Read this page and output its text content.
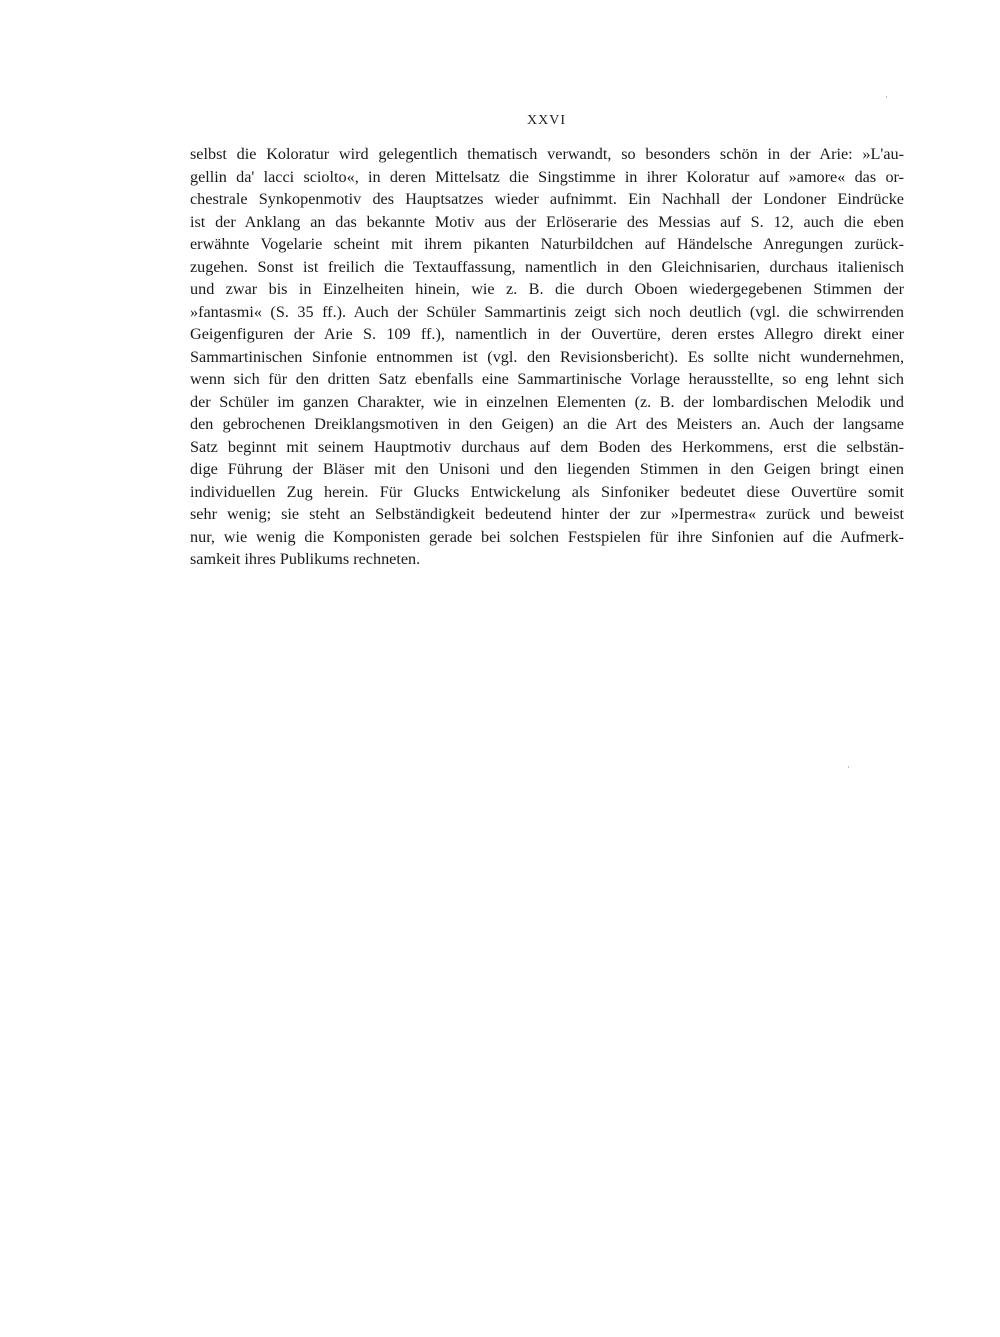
XXVI

selbst die Koloratur wird gelegentlich thematisch verwandt, so besonders schön in der Arie: »L'au-
gellin da' lacci sciolto«, in deren Mittelsatz die Singstimme in ihrer Koloratur auf »amore« das or-
chestrale Synkopenmotiv des Hauptsatzes wieder aufnimmt. Ein Nachhall der Londoner Eindrücke
ist der Anklang an das bekannte Motiv aus der Erlöserarie des Messias auf S. 12, auch die eben
erwähnte Vogelarie scheint mit ihrem pikanten Naturbildchen auf Händelsche Anregungen zurück-
zugehen. Sonst ist freilich die Textauffassung, namentlich in den Gleichnisarien, durchaus italienisch
und zwar bis in Einzelheiten hinein, wie z. B. die durch Oboen wiedergegebenen Stimmen der
»fantasmi« (S. 35 ff.). Auch der Schüler Sammartinis zeigt sich noch deutlich (vgl. die schwirrenden
Geigenfiguren der Arie S. 109 ff.), namentlich in der Ouvertüre, deren erstes Allegro direkt einer
Sammartinischen Sinfonie entnommen ist (vgl. den Revisionsbericht). Es sollte nicht wundernehmen,
wenn sich für den dritten Satz ebenfalls eine Sammartinische Vorlage herausstellte, so eng lehnt sich
der Schüler im ganzen Charakter, wie in einzelnen Elementen (z. B. der lombardischen Melodik und
den gebrochenen Dreiklangsmotiven in den Geigen) an die Art des Meisters an. Auch der langsame
Satz beginnt mit seinem Hauptmotiv durchaus auf dem Boden des Herkommens, erst die selbstän-
dige Führung der Bläser mit den Unisoni und den liegenden Stimmen in den Geigen bringt einen
individuellen Zug herein. Für Glucks Entwickelung als Sinfoniker bedeutet diese Ouvertüre somit
sehr wenig; sie steht an Selbständigkeit bedeutend hinter der zur »Ipermestra« zurück und beweist
nur, wie wenig die Komponisten gerade bei solchen Festspielen für ihre Sinfonien auf die Aufmerk-
samkeit ihres Publikums rechneten.
